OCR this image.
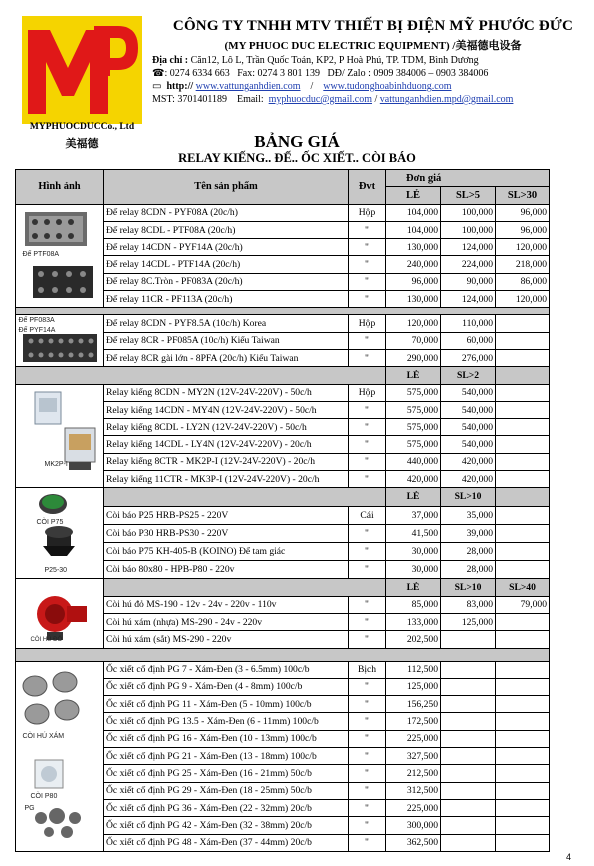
MYPHUOCDUCCo., Ltd
美福德
CÔNG TY TNHH MTV THIẾT BỊ ĐIỆN MỸ PHƯỚC ĐỨC
(MY PHUOC DUC ELECTRIC EQUIPMENT) /美福德电设备
Địa chỉ : Căn12, Lô L, Trần Quốc Toản, KP2, P Hoà Phú, TP. TDM, Bình Dương
☎: 0274 6334 663 Fax: 0274 3 801 139 DĐ/ Zalo : 0909 384006 – 0903 384006
▭ http:// www.vattunganhdien.com / www.tudonghoabinhduong.com
MST: 3701401189 Email: myphuocduc@gmail.com / vattunganhdien.mpd@gmail.com
BẢNG GIÁ
RELAY KIẾNG.. ĐẾ.. ỐC XIẾT.. CÒI BÁO
Hình ảnh	Tên sản phẩm	Đvt	Đơn giá		
			LẺ	SL>5	SL>30

Đế PTF08A	Đế relay 8CDN - PYF08A (20c/h)	Hộp	104,000	100,000	96,000
	Đế relay 8CDL - PTF08A (20c/h)	"	104,000	100,000	96,000
	Đế relay 14CDN - PYF14A (20c/h)	"	130,000	124,000	120,000
	Đế relay 14CDL - PTF14A (20c/h)	"	240,000	224,000	218,000
	Đế relay 8C.Tròn - PF083A (20c/h)	"	96,000	90,000	86,000
	Đế relay 11CR - PF113A (20c/h)	"	130,000	124,000	120,000

Đế PF083A
Đế PYF14A	Đế relay 8CDN - PYF8.5A (10c/h) Korea	Hộp	120,000	110,000	
	Đế relay 8CR - PF085A (10c/h) Kiểu Taiwan	"	70,000	60,000	
	Đế relay 8CR gài lớn - 8PFA (20c/h) Kiểu Taiwan	"	290,000	276,000	
			LẺ	SL>2	

MK2P-I	Relay kiếng 8CDN - MY2N (12V-24V-220V) - 50c/h	Hộp	575,000	540,000	
	Relay kiếng 14CDN - MY4N (12V-24V-220V) - 50c/h	"	575,000	540,000	
	Relay kiếng 8CDL - LY2N (12V-24V-220V) - 50c/h	"	575,000	540,000	
	Relay kiếng 14CDL - LY4N (12V-24V-220V) - 20c/h	"	575,000	540,000	
	Relay kiếng 8CTR - MK2P-I (12V-24V-220V) - 20c/h	"	440,000	420,000	
	Relay kiếng 11CTR - MK3P-I (12V-24V-220V) - 20c/h	"	420,000	420,000	

CÒI P75
P25-30			LẺ	SL>10	
	Còi báo P25 HRB-PS25 - 220V	Cái	37,000	35,000	
	Còi báo P30 HRB-PS30 - 220V	"	41,500	39,000	
	Còi báo P75 KH-405-B (KOINO) Để tam giác	"	30,000	28,000	
	Còi báo 80x80 - HPB-P80 - 220v	"	30,000	28,000	

CÒI HÚ ĐỎ			LẺ	SL>10	SL>40
	Còi hú đỏ MS-190 - 12v - 24v - 220v - 110v	"	85,000	83,000	79,000
	Còi hú xám (nhựa) MS-290 - 24v - 220v	"	133,000	125,000	
	Còi hú xám (sắt) MS-290 - 220v	"	202,500		

CÒI HÚ XÁM
CÒI P80
PG	Ốc xiết cố định PG 7 - Xám-Đen (3 - 6.5mm) 100c/b	Bịch	112,500		
	Ốc xiết cố định PG 9 - Xám-Đen (4 - 8mm) 100c/b	"	125,000		
	Ốc xiết cố định PG 11 - Xám-Đen (5 - 10mm) 100c/b	"	156,250		
	Ốc xiết cố định PG 13.5 - Xám-Đen (6 - 11mm) 100c/b	"	172,500		
	Ốc xiết cố định PG 16 - Xám-Đen (10 - 13mm) 100c/b	"	225,000		
	Ốc xiết cố định PG 21 - Xám-Đen (13 - 18mm) 100c/b	"	327,500		
	Ốc xiết cố định PG 25 - Xám-Đen (16 - 21mm) 50c/b	"	212,500		
	Ốc xiết cố định PG 29 - Xám-Đen (18 - 25mm) 50c/b	"	312,500		
	Ốc xiết cố định PG 36 - Xám-Đen (22 - 32mm) 20c/b	"	225,000		
	Ốc xiết cố định PG 42 - Xám-Đen (32 - 38mm) 20c/b	"	300,000		
	Ốc xiết cố định PG 48 - Xám-Đen (37 - 44mm) 20c/b	"	362,500		
4
